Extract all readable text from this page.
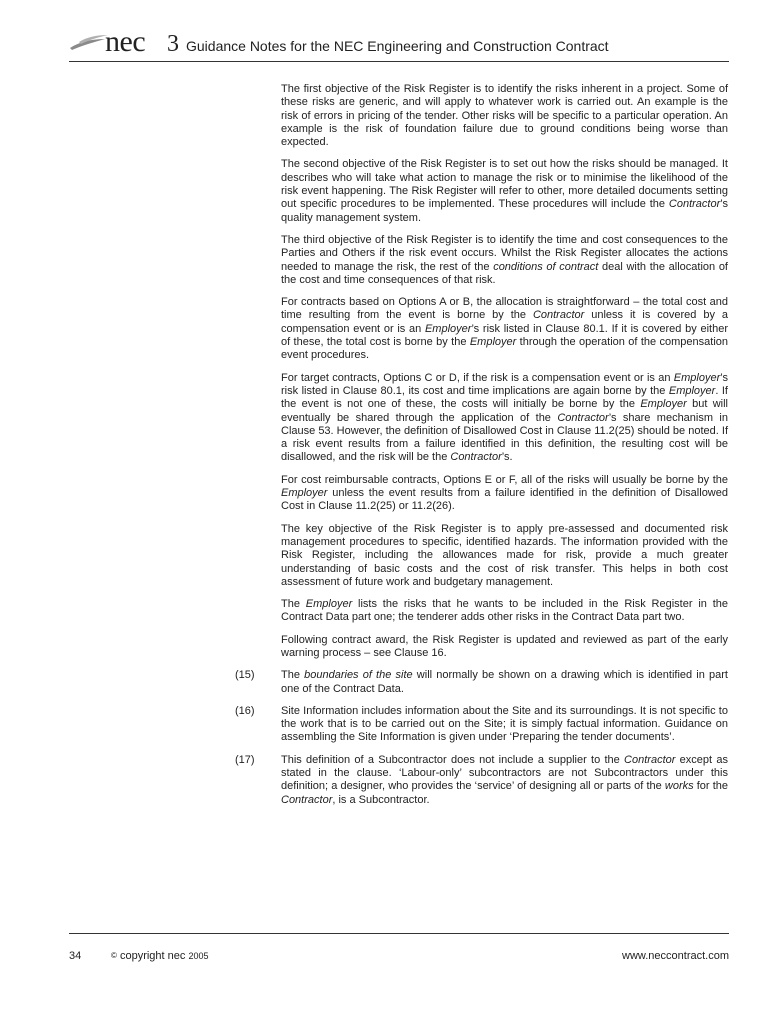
nec 3 Guidance Notes for the NEC Engineering and Construction Contract
The first objective of the Risk Register is to identify the risks inherent in a project. Some of these risks are generic, and will apply to whatever work is carried out. An example is the risk of errors in pricing of the tender. Other risks will be specific to a particular operation. An example is the risk of foundation failure due to ground conditions being worse than expected.
The second objective of the Risk Register is to set out how the risks should be managed. It describes who will take what action to manage the risk or to minimise the likelihood of the risk event happening. The Risk Register will refer to other, more detailed documents setting out specific procedures to be implemented. These procedures will include the Contractor’s quality management system.
The third objective of the Risk Register is to identify the time and cost consequences to the Parties and Others if the risk event occurs. Whilst the Risk Register allocates the actions needed to manage the risk, the rest of the conditions of contract deal with the allocation of the cost and time consequences of that risk.
For contracts based on Options A or B, the allocation is straightforward – the total cost and time resulting from the event is borne by the Contractor unless it is covered by a compensation event or is an Employer’s risk listed in Clause 80.1. If it is covered by either of these, the total cost is borne by the Employer through the operation of the compensation event procedures.
For target contracts, Options C or D, if the risk is a compensation event or is an Employer’s risk listed in Clause 80.1, its cost and time implications are again borne by the Employer. If the event is not one of these, the costs will initially be borne by the Employer but will eventually be shared through the application of the Contractor’s share mechanism in Clause 53. However, the definition of Disallowed Cost in Clause 11.2(25) should be noted. If a risk event results from a failure identified in this definition, the resulting cost will be disallowed, and the risk will be the Contractor’s.
For cost reimbursable contracts, Options E or F, all of the risks will usually be borne by the Employer unless the event results from a failure identified in the definition of Disallowed Cost in Clause 11.2(25) or 11.2(26).
The key objective of the Risk Register is to apply pre-assessed and documented risk management procedures to specific, identified hazards. The information provided with the Risk Register, including the allowances made for risk, provide a much greater understanding of basic costs and the cost of risk transfer. This helps in both cost assessment of future work and budgetary management.
The Employer lists the risks that he wants to be included in the Risk Register in the Contract Data part one; the tenderer adds other risks in the Contract Data part two.
Following contract award, the Risk Register is updated and reviewed as part of the early warning process – see Clause 16.
(15) The boundaries of the site will normally be shown on a drawing which is identified in part one of the Contract Data.
(16) Site Information includes information about the Site and its surroundings. It is not specific to the work that is to be carried out on the Site; it is simply factual information. Guidance on assembling the Site Information is given under ‘Preparing the tender documents’.
(17) This definition of a Subcontractor does not include a supplier to the Contractor except as stated in the clause. ‘Labour-only’ subcontractors are not Subcontractors under this definition; a designer, who provides the ‘service’ of designing all or parts of the works for the Contractor, is a Subcontractor.
34	© copyright nec 2005	www.neccontract.com
